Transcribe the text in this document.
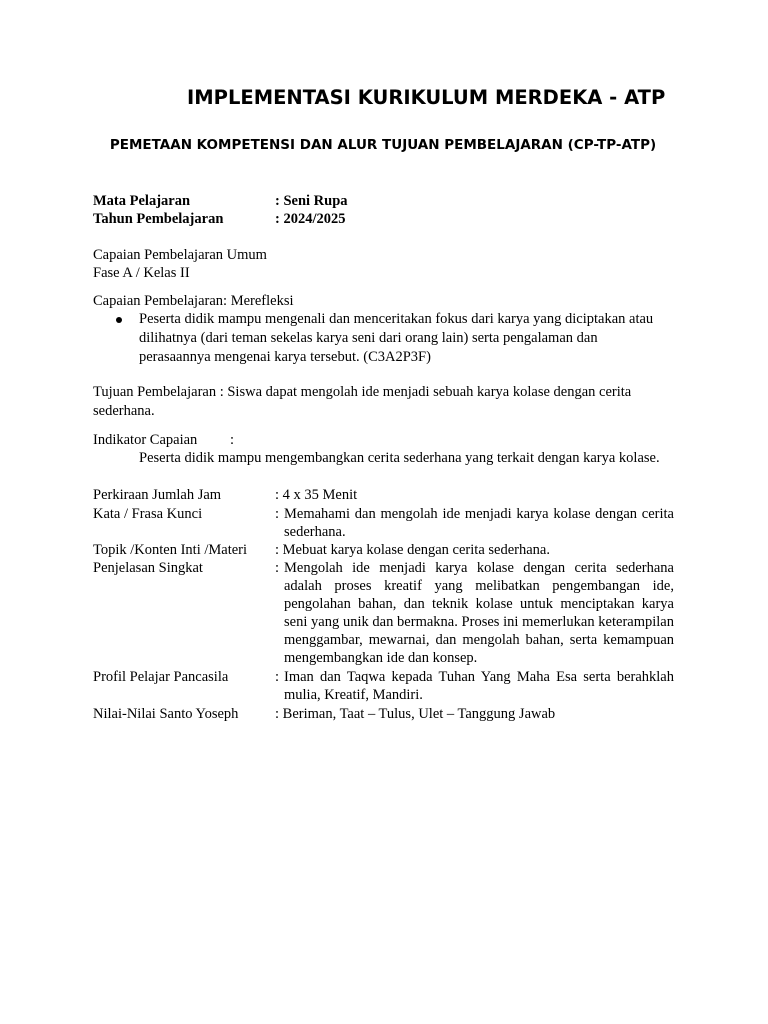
IMPLEMENTASI KURIKULUM MERDEKA - ATP
PEMETAAN KOMPETENSI DAN ALUR TUJUAN PEMBELAJARAN (CP-TP-ATP)
Mata Pelajaran	: Seni Rupa
Tahun Pembelajaran	: 2024/2025
Capaian Pembelajaran Umum
Fase A / Kelas II
Capaian Pembelajaran: Merefleksi
Peserta didik mampu mengenali dan menceritakan fokus dari karya yang diciptakan atau dilihatnya (dari teman sekelas karya seni dari orang lain) serta pengalaman dan perasaannya mengenai karya tersebut. (C3A2P3F)
Tujuan Pembelajaran : Siswa dapat mengolah ide menjadi sebuah karya kolase dengan cerita sederhana.
Indikator Capaian :
Peserta didik mampu mengembangkan cerita sederhana yang terkait dengan karya kolase.
Perkiraan Jumlah Jam	: 4 x 35 Menit
Kata / Frasa Kunci	: Memahami dan mengolah ide menjadi karya kolase dengan cerita sederhana.
Topik /Konten Inti /Materi : Mebuat karya kolase dengan cerita sederhana.
Penjelasan Singkat	: Mengolah ide menjadi karya kolase dengan cerita sederhana adalah proses kreatif yang melibatkan pengembangan ide, pengolahan bahan, dan teknik kolase untuk menciptakan karya seni yang unik dan bermakna. Proses ini memerlukan keterampilan menggambar, mewarnai, dan mengolah bahan, serta kemampuan mengembangkan ide dan konsep.
Profil Pelajar Pancasila	: Iman dan Taqwa kepada Tuhan Yang Maha Esa serta berahklah mulia, Kreatif, Mandiri.
Nilai-Nilai Santo Yoseph	: Beriman, Taat – Tulus, Ulet – Tanggung Jawab
